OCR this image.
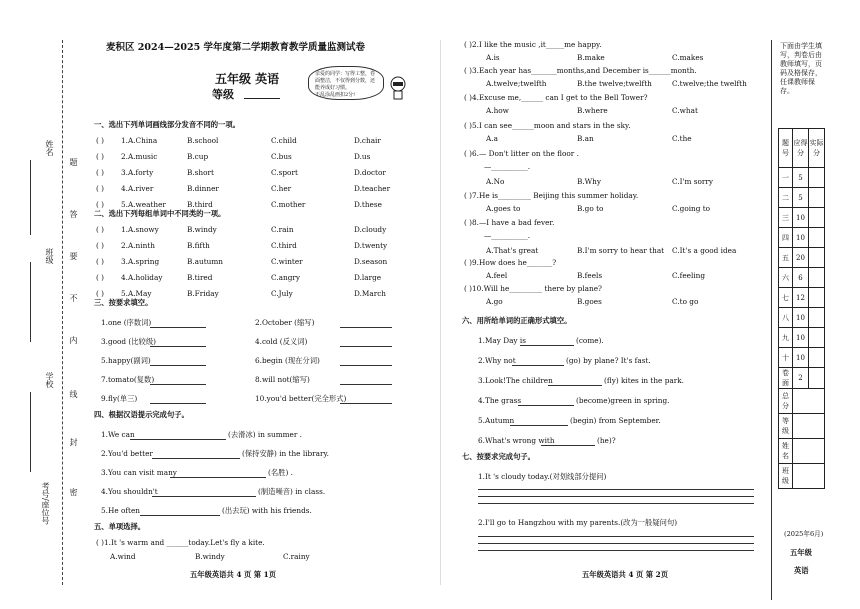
姓名
班级
学校
考号/座位号
题
答
要
不
内
线
封
密
麦积区 2024—2025 学年度第二学期教育教学质量监测试卷
五年级 英语
等级
亲爱的同学：写得工整，卷面整洁，不仅得到分数，还能养成好习惯。
不乱涂乱画扣2分!
一、选出下列单词画线部分发音不同的一项。
( ) 1.A.China	B.school	C.child	D.chair
( ) 2.A.music	B.cup	C.bus	D.us
( ) 3.A.forty	B.short	C.sport	D.doctor
( ) 4.A.river	B.dinner	C.her	D.teacher
( ) 5.A.weather	B.third	C.mother	D.these
二、选出下列每组单词中不同类的一项。
( ) 1.A.snowy	B.windy	C.rain	D.cloudy
( ) 2.A.ninth	B.fifth	C.third	D.twenty
( ) 3.A.spring	B.autumn	C.winter	D.season
( ) 4.A.holiday	B.tired	C.angry	D.large
( ) 5.A.May	B.Friday	C.July	D.March
三、按要求填空。
1.one (序数词)	2.October (缩写)
3.good (比较级)	4.cold (反义词)
5.happy(副词)	6.begin (现在分词)
7.tomato(复数)	8.will not(缩写)
9.fly(单三)	10.you'd better(完全形式)
四、根据汉语提示完成句子。
1.We can	(去滑冰) in summer .
2.You'd better	(保持安静) in the library.
3.You can visit many	(名胜) .
4.You shouldn't	(制造噪音) in class.
5.He often	(出去玩) with his friends.
五、单项选择。
( )1.It 's warm and ______today.Let's fly a kite.
A.wind	B.windy	C.rainy
五年级英语共 4 页 第 1页
( )2.I like the music ,it_____me happy.
A.is	B.make	C.makes
( )3.Each year has_______months,and December is______month.
A.twelve;twelfth	B.the twelve;twelfth	C.twelve;the twelfth
( )4.Excuse me,______ can I get to the Bell Tower?
A.how	B.where	C.what
( )5.I can see______moon and stars in the sky.
A.a	B.an	C.the
( )6.— Don't litter on the floor .
—__________.
A.No	B.Why	C.I'm sorry
( )7.He is_________ Beijing this summer holiday.
A.goes to	B.go to	C.going to
( )8.—I have a bad fever.
—__________.
A.That's great	B.I'm sorry to hear that C.It's a good idea
( )9.How does he_______?
A.feel	B.feels	C.feeling
( )10.Will he_________ there by plane?
A.go	B.goes	C.to go
六、用所给单词的正确形式填空。
1.May Day is	(come).
2.Why not	(go) by plane? It's fast.
3.Look!The children	(fly) kites in the park.
4.The grass	(become)green in spring.
5.Autumn	(begin) from September.
6.What's wrong with	(he)?
七、按要求完成句子。
1.It 's cloudy today.(对划线部分提问)
2.I'll go to Hangzhou with my parents.(改为一般疑问句)
五年级英语共 4 页 第 2页
下面由学生填写，判卷后由教师填写，页码及格保存，任课教师保存。
题号	应得分	实际分
一	5	
二	5	
三	10	
四	10	
五	20	
六	6	
七	12	
八	10	
九	10	
十	10	
卷面	2	
总分		
等级		
姓名		
班级		
(2025年6月)
五年级
英语
